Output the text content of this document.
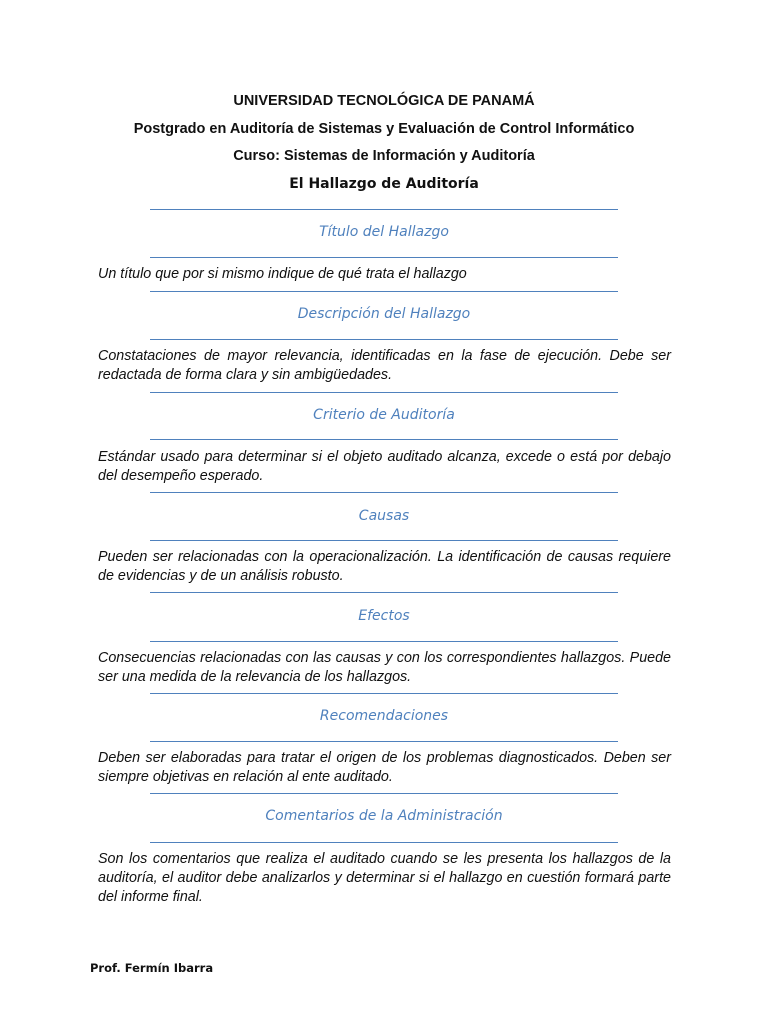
UNIVERSIDAD TECNOLÓGICA DE PANAMÁ
Postgrado en Auditoría de Sistemas y Evaluación de Control Informático
Curso: Sistemas de Información y Auditoría
El Hallazgo de Auditoría
Título del Hallazgo
Un título que por si mismo indique de qué trata el hallazgo
Descripción del Hallazgo
Constataciones de mayor relevancia, identificadas en la fase de ejecución. Debe ser redactada de forma clara y sin ambigüedades.
Criterio de Auditoría
Estándar usado para determinar si el objeto auditado alcanza, excede o está por debajo del desempeño esperado.
Causas
Pueden ser relacionadas con la operacionalización. La identificación de causas requiere de evidencias y de un análisis robusto.
Efectos
Consecuencias relacionadas con las causas y con los correspondientes hallazgos. Puede ser una medida de la relevancia de los hallazgos.
Recomendaciones
Deben ser elaboradas para tratar el origen de los problemas diagnosticados. Deben ser siempre objetivas en relación al ente auditado.
Comentarios de la Administración
Son los comentarios que realiza el auditado cuando se les presenta los hallazgos de la auditoría, el auditor debe analizarlos y determinar si el hallazgo en cuestión formará parte del informe final.
Prof. Fermín Ibarra
